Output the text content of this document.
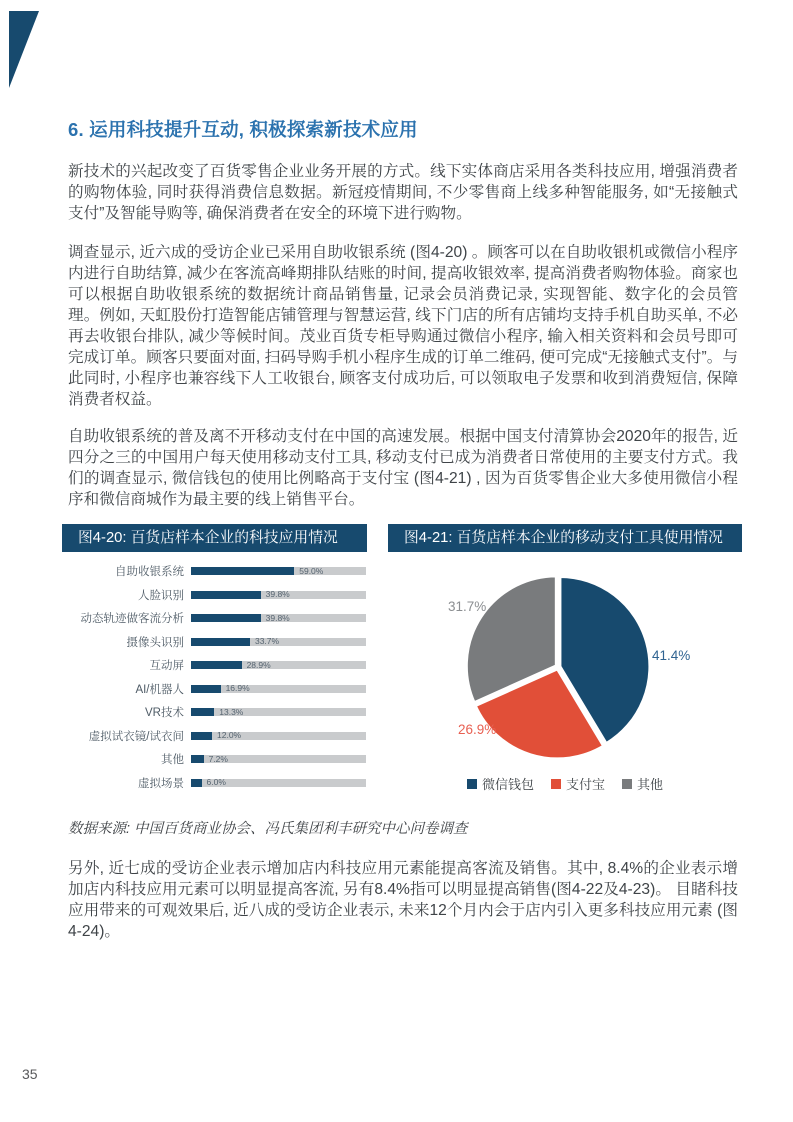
6. 运用科技提升互动, 积极探索新技术应用

新技术的兴起改变了百货零售企业业务开展的方式。线下实体商店采用各类科技应用, 增强消费者的购物体验, 同时获得消费信息数据。新冠疫情期间, 不少零售商上线多种智能服务, 如“无接触式支付”及智能导购等, 确保消费者在安全的环境下进行购物。

调查显示, 近六成的受访企业已采用自助收银系统 (图4-20) 。顾客可以在自助收银机或微信小程序内进行自助结算, 减少在客流高峰期排队结账的时间, 提高收银效率, 提高消费者购物体验。商家也可以根据自助收银系统的数据统计商品销售量, 记录会员消费记录, 实现智能、数字化的会员管理。例如, 天虹股份打造智能店铺管理与智慧运营, 线下门店的所有店铺均支持手机自助买单, 不必再去收银台排队, 减少等候时间。茂业百货专柜导购通过微信小程序, 输入相关资料和会员号即可完成订单。顾客只要面对面, 扫码导购手机小程序生成的订单二维码, 便可完成“无接触式支付”。与此同时, 小程序也兼容线下人工收银台, 顾客支付成功后, 可以领取电子发票和收到消费短信, 保障消费者权益。

自助收银系统的普及离不开移动支付在中国的高速发展。根据中国支付清算协会2020年的报告, 近四分之三的中国用户每天使用移动支付工具, 移动支付已成为消费者日常使用的主要支付方式。我们的调查显示, 微信钱包的使用比例略高于支付宝 (图4-21) , 因为百货零售企业大多使用微信小程序和微信商城作为最主要的线上销售平台。

图4-20: 百货店样本企业的科技应用情况
自助收银系统	59.0%
人脸识别	39.8%
动态轨迹做客流分析	39.8%
摄像头识别	33.7%
互动屏	28.9%
AI/机器人	16.9%
VR技术	13.3%
虚拟试衣镜/试衣间	12.0%
其他	7.2%
虚拟场景	6.0%
图4-21: 百货店样本企业的移动支付工具使用情况
41.4%
26.9%
31.7%
微信钱包 支付宝 其他
数据来源: 中国百货商业协会、冯氏集团利丰研究中心问卷调查

另外, 近七成的受访企业表示增加店内科技应用元素能提高客流及销售。其中, 8.4%的企业表示增加店内科技应用元素可以明显提高客流, 另有8.4%指可以明显提高销售(图4-22及4-23)。 目睹科技应用带来的可观效果后, 近八成的受访企业表示, 未来12个月内会于店内引入更多科技应用元素 (图4-24)。

35
